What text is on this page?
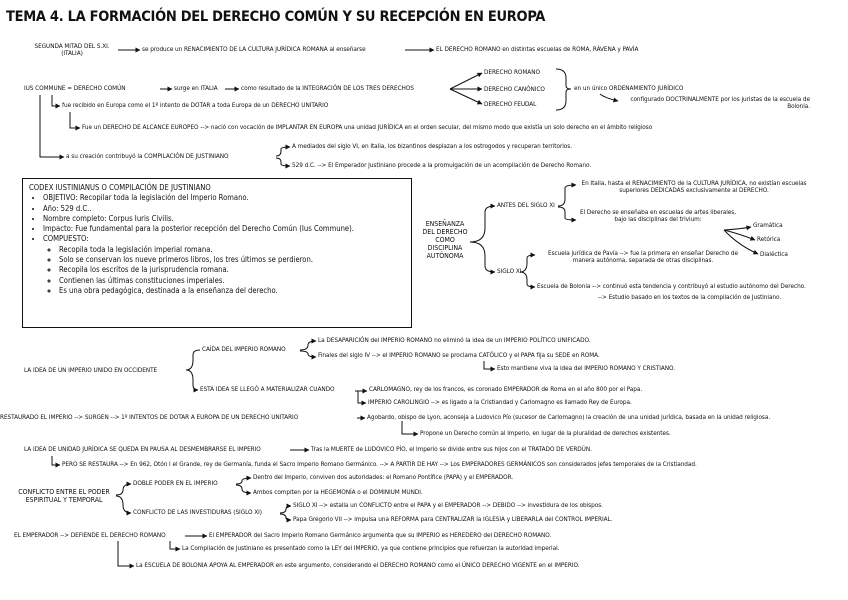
TEMA 4. LA FORMACIÓN DEL DERECHO COMÚN Y SU RECEPCIÓN EN EUROPA
SEGUNDA MITAD DEL S.XI. (ITALIA)
se produce un RENACIMIENTO DE LA CULTURA JURÍDICA ROMANA al enseñarse	EL DERECHO ROMANO en distintas escuelas de ROMA, RÁVENA y PAVÍA
IUS COMMUNE = DERECHO COMÚN	surge en ITALIA	como resultado de la INTEGRACIÓN DE LOS TRES DERECHOS
DERECHO ROMANO
DERECHO CANÓNICO
DERECHO FEUDAL
en un único ORDENAMIENTO JURÍDICO
configurado DOCTRINALMENTE por los juristas de la escuela de Bolonia.
fue recibido en Europa como el 1º intento de DOTAR a toda Europa de un DERECHO UNITARIO
Fue un DERECHO DE ALCANCE EUROPEO --> nació con vocación de IMPLANTAR EN EUROPA una unidad JURÍDICA en el orden secular, del mismo modo que existía un solo derecho en el ámbito religioso
a su creación contribuyó la COMPILACIÓN DE JUSTINIANO
A mediados del siglo VI, en Italia, los bizantinos desplazan a los ostrogodos y recuperan territorios.
529 d.C. --> El Emperador Justiniano procede a la promulgación de un acompilación de Derecho Romano.
CODEX IUSTINIANUS O COMPILACIÓN DE JUSTINIANO
• OBJETIVO: Recopilar toda la legislación del Imperio Romano.
• Año: 529 d.C..
• Nombre completo: Corpus Iuris Civilis.
• Impacto: Fue fundamental para la posterior recepción del Derecho Común (Ius Commune).
• COMPUESTO:
◦ Recopila toda la legislación imperial romana.
◦ Solo se conservan los nueve primeros libros, los tres últimos se perdieron.
◦ Recopila los escritos de la jurisprudencia romana.
◦ Contienen las últimas constituciones imperiales.
◦ Es una obra pedagógica, destinada a la enseñanza del derecho.
ENSEÑANZA DEL DERECHO COMO DISCIPLINA AUTÓNOMA
ANTES DEL SIGLO XI
En Italia, hasta el RENACIMIENTO de la CULTURA JURÍDICA, no existían escuelas superiores DEDICADAS exclusivamente al DERECHO.
El Derecho se enseñaba en escuelas de artes liberales, bajo las disciplinas del trivium:
Gramática
Retórica
Dialéctica
SIGLO XI
Escuela jurídica de Pavía --> fue la primera en enseñar Derecho de manera autónoma, separada de otras disciplinas.
Escuela de Bolonia --> continuó esta tendencia y contribuyó al estudio autónomo del Derecho.
--> Estudio basado en los textos de la compilación de Justiniano.
LA IDEA DE UN IMPERIO UNIDO EN OCCIDENTE
CAÍDA DEL IMPERIO ROMANO
La DESAPARICIÓN del IMPERIO ROMANO no eliminó la idea de un IMPERIO POLÍTICO UNIFICADO.
Finales del siglo IV --> el IMPERIO ROMANO se proclama CATÓLICO y el PAPA fija su SEDE en ROMA.
Esto mantiene viva la idea del IMPERIO ROMANO Y CRISTIANO.
ESTA IDEA SE LLEGÓ A MATERIALIZAR CUANDO	CARLOMAGNO, rey de los francos, es coronado EMPERADOR de Roma en el año 800 por el Papa.
IMPERIO CAROLINGIO --> es ligado a la Cristiandad y Carlomagno es llamado Rey de Europa.
RESTAURADO EL IMPERIO --> SURGEN --> 1º INTENTOS DE DOTAR A EUROPA DE UN DERECHO UNITARIO	Agobardo, obispo de Lyon, aconseja a Ludovico Pío (sucesor de Carlomagno) la creación de una unidad jurídica, basada en la unidad religiosa.
Propone un Derecho común al Imperio, en lugar de la pluralidad de derechos existentes.
LA IDEA DE UNIDAD JURÍDICA SE QUEDA EN PAUSA AL DESMEMBRARSE EL IMPERIO	Tras la MUERTE de LUDOVICO PÍO, el Imperio se divide entre sus hijos con el TRATADO DE VERDÚN.
PERO SE RESTAURA --> En 962, Otón I el Grande, rey de Germanía, funda el Sacro Imperio Romano Germánico. --> A PARTIR DE HAY --> Los EMPERADORES GERMÁNICOS son considerados jefes temporales de la Cristiandad.
CONFLICTO ENTRE EL PODER ESPIRITUAL Y TEMPORAL
DOBLE PODER EN EL IMPERIO
Dentro del Imperio, conviven dos autoridades: el Romano Pontífice (PAPA) y el EMPERADOR.
Ambos compiten por la HEGEMONÍA o el DOMINIUM MUNDI.
CONFLICTO DE LAS INVESTIDURAS (SIGLO XI)
SIGLO XI --> estalla un CONFLICTO entre el PAPA y el EMPERADOR --> DEBIDO --> investidura de los obispos.
Papa Gregorio VII --> impulsa una REFORMA para CENTRALIZAR la IGLESIA y LIBERARLA del CONTROL IMPERIAL.
EL EMPERADOR --> DEFIENDE EL DERECHO ROMANO	El EMPERADOR del Sacro Imperio Romano Germánico argumenta que su IMPERIO es HEREDERO del DERECHO ROMANO.
La Compilación de Justiniano es presentado como la LEY del IMPERIO, ya que contiene principios que refuerzan la autoridad imperial.
La ESCUELA DE BOLONIA APOYA AL EMPERADOR en este argumento, considerando el DERECHO ROMANO como el ÚNICO DERECHO VIGENTE en el IMPERIO.
